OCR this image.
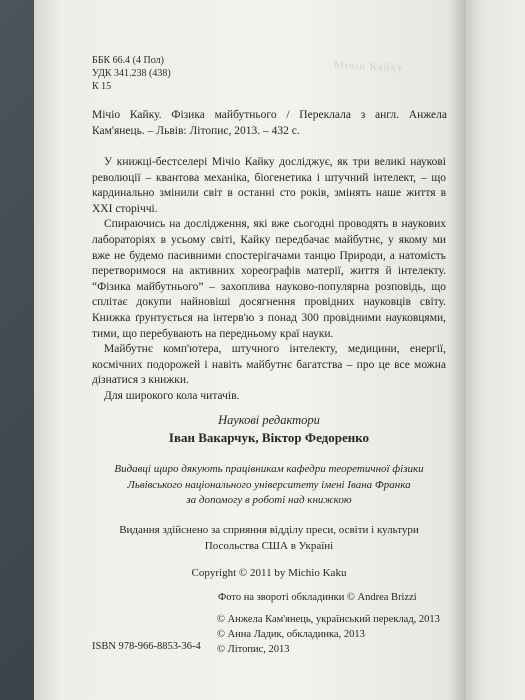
Мічіо Кайку
ББК 66.4 (4 Пол)
УДК 341.238 (438)
К 15
Мічіо Кайку. Фізика майбутнього / Переклала з англ. Анжела Кам'янець. – Львів: Літопис, 2013. – 432 с.

У книжці-бестселері Мічіо Кайку досліджує, як три великі наукові революції – квантова механіка, біогенетика і штучний інтелект, – що кардинально змінили світ в останні сто років, змінять наше життя в XXI сторіччі.

Спираючись на дослідження, які вже сьогодні проводять в наукових лабораторіях в усьому світі, Кайку передбачає майбутнє, у якому ми вже не будемо пасивними спостерігачами танцю Природи, а натомість перетворимося на активних хореографів матерії, життя й інтелекту. “Фізика майбутнього” – захоплива науково-популярна розповідь, що сплітає докупи найновіші досягнення провідних науковців світу. Книжка ґрунтується на інтерв'ю з понад 300 провідними науковцями, тими, що перебувають на передньому краї науки.

Майбутнє комп'ютера, штучного інтелекту, медицини, енергії, космічних подорожей і навіть майбутнє багатства – про це все можна дізнатися з книжки.

Для широкого кола читачів.

Наукові редактори
Іван Вакарчук, Віктор Федоренко
Видавці щиро дякують працівникам кафедри теоретичної фізики
Львівського національного університету імені Івана Франка
за допомогу в роботі над книжкою
Видання здійснено за сприяння відділу преси, освіти і культури
Посольства США в Україні
Copyright © 2011 by Michio Kaku
Фото на звороті обкладинки © Andrea Brizzi
© Анжела Кам'янець, український переклад, 2013
© Анна Ладик, обкладинка, 2013
© Літопис, 2013
ISBN 978-966-8853-36-4
